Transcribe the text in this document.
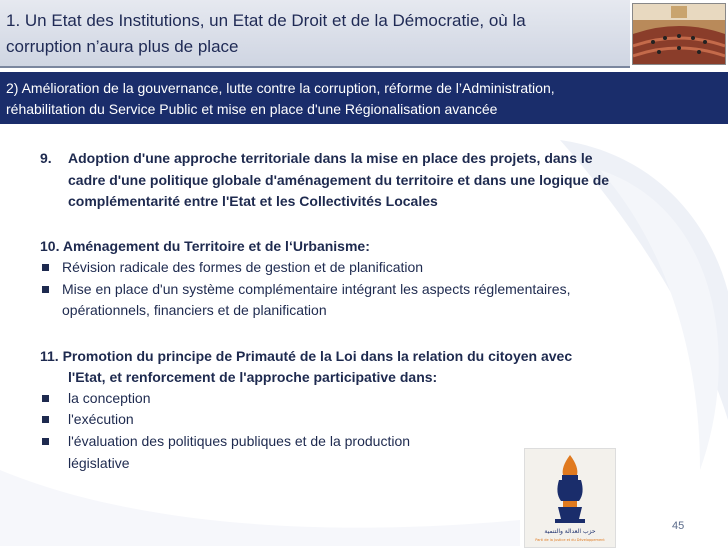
1. Un Etat des Institutions, un Etat de Droit et de la Démocratie, où la
corruption n’aura plus de place
2) Amélioration de la gouvernance, lutte contre la corruption, réforme de l’Administration,
réhabilitation du Service Public et mise en place d'une Régionalisation avancée
9. Adoption d'une approche territoriale dans la mise en place des projets, dans le
cadre d'une politique globale d'aménagement du territoire et dans une logique de
complémentarité entre l'Etat et les Collectivités Locales
10. Aménagement du Territoire et de l‘Urbanisme:
Révision radicale des formes de gestion et de planification
Mise en place d'un système complémentaire intégrant les aspects réglementaires,
opérationnels, financiers et de planification
11. Promotion du principe de Primauté de la Loi dans la relation du citoyen avec
l'Etat, et renforcement de l'approche participative dans:
la conception
l'exécution
l'évaluation des politiques publiques et de la production
législative
حزب العدالة والتنمية
Parti de la Justice et du Développement
45
